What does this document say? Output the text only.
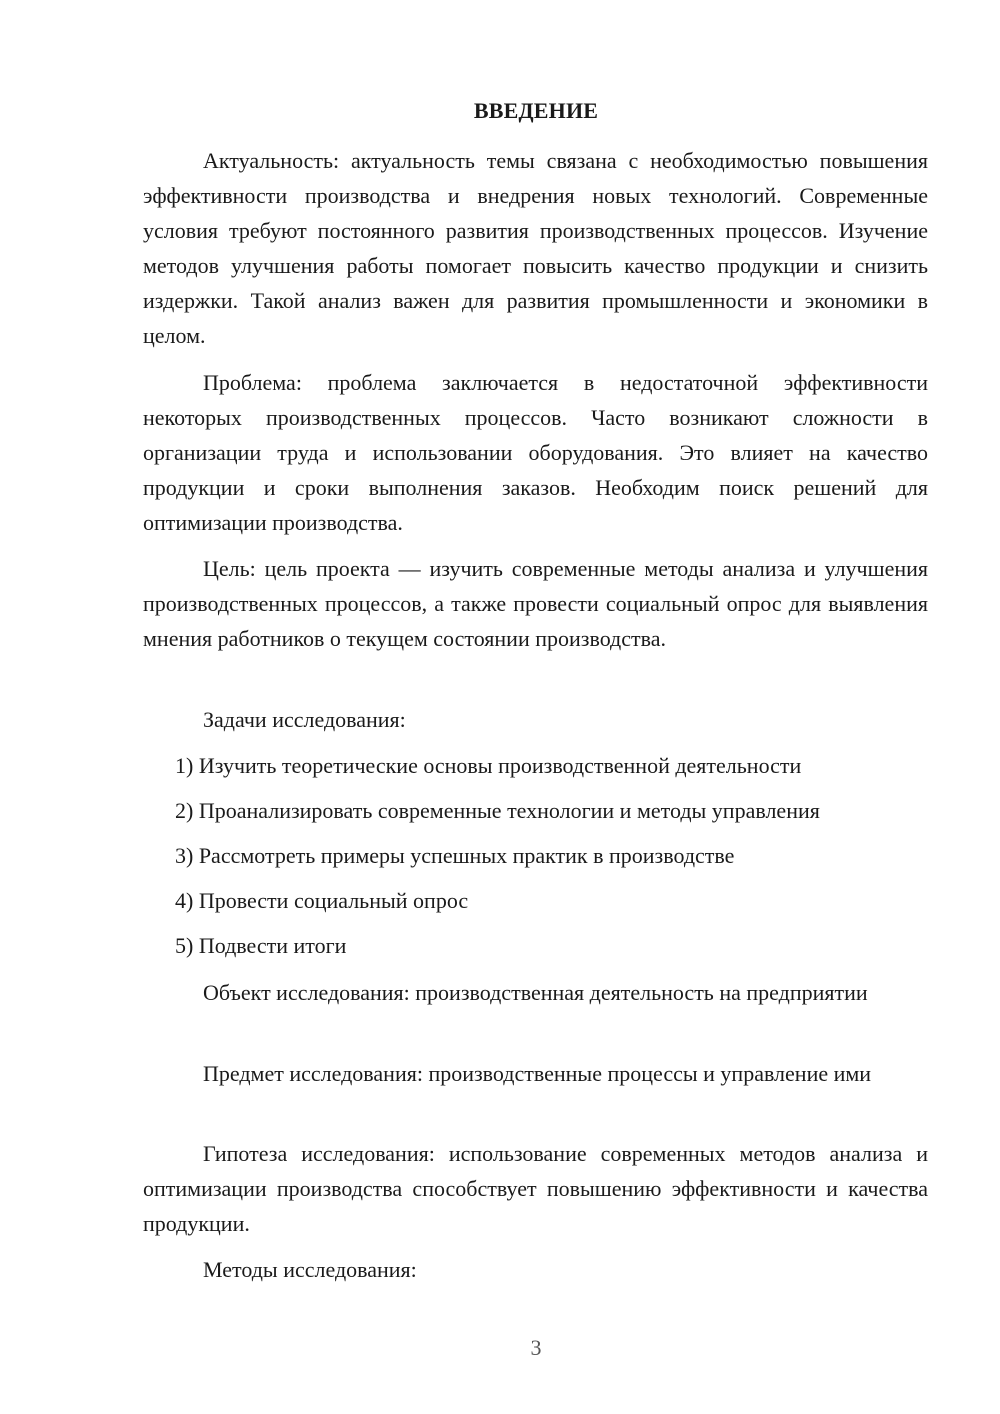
ВВЕДЕНИЕ

Актуальность: актуальность темы связана с необходимостью повышения эффективности производства и внедрения новых технологий. Современные условия требуют постоянного развития производственных процессов. Изучение методов улучшения работы помогает повысить качество продукции и снизить издержки. Такой анализ важен для развития промышленности и экономики в целом.

Проблема: проблема заключается в недостаточной эффективности некоторых производственных процессов. Часто возникают сложности в организации труда и использовании оборудования. Это влияет на качество продукции и сроки выполнения заказов. Необходим поиск решений для оптимизации производства.

Цель: цель проекта — изучить современные методы анализа и улучшения производственных процессов, а также провести социальный опрос для выявления мнения работников о текущем состоянии производства.

Задачи исследования:

1) Изучить теоретические основы производственной деятельности
2) Проанализировать современные технологии и методы управления
3) Рассмотреть примеры успешных практик в производстве
4) Провести социальный опрос
5) Подвести итоги

Объект исследования: производственная деятельность на предприятии

Предмет исследования: производственные процессы и управление ими

Гипотеза исследования: использование современных методов анализа и оптимизации производства способствует повышению эффективности и качества продукции.

Методы исследования:

3
